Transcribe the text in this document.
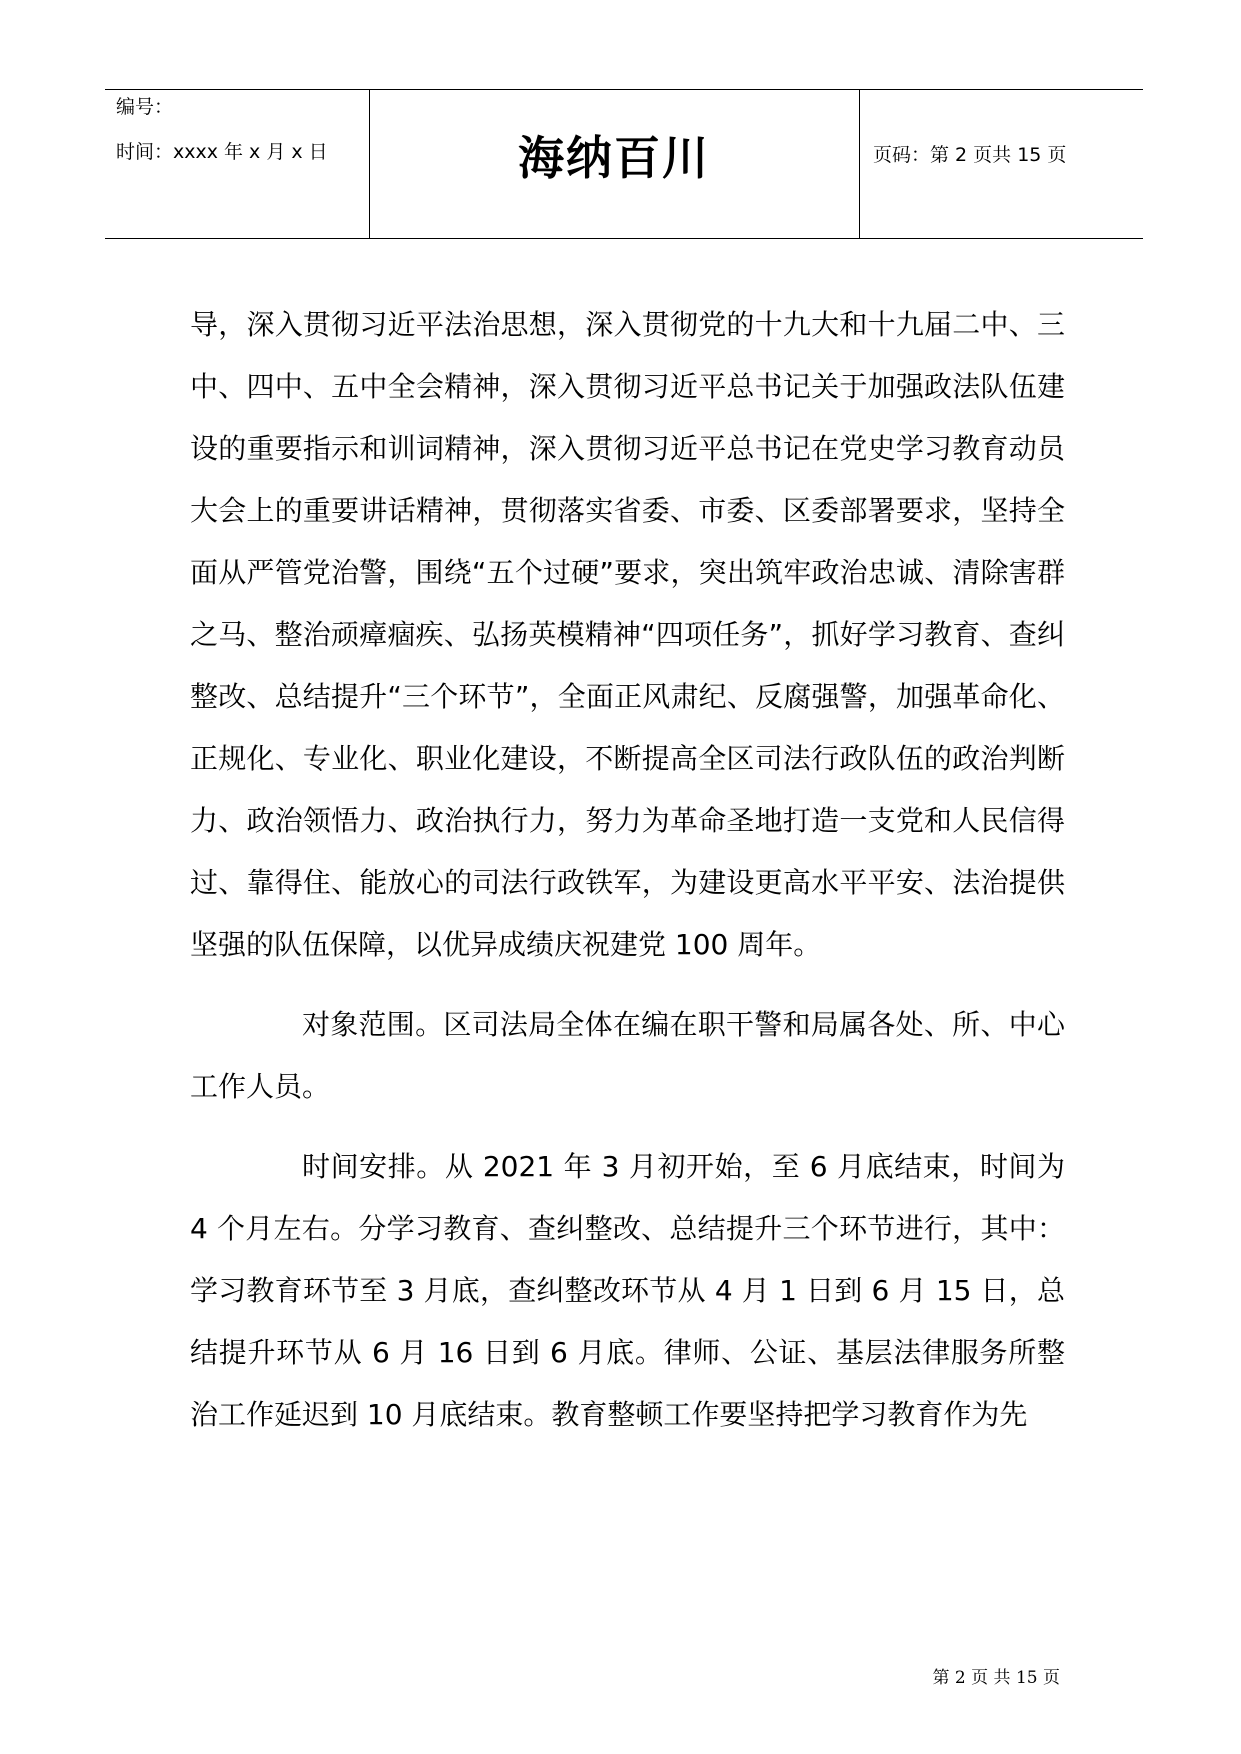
编号：
时间：xxxx 年 x 月 x 日	海纳百川	页码：第 2 页共 15 页

导，深入贯彻习近平法治思想，深入贯彻党的十九大和十九届二中、三中、四中、五中全会精神，深入贯彻习近平总书记关于加强政法队伍建设的重要指示和训词精神，深入贯彻习近平总书记在党史学习教育动员大会上的重要讲话精神，贯彻落实省委、市委、区委部署要求，坚持全面从严管党治警，围绕“五个过硬”要求，突出筑牢政治忠诚、清除害群之马、整治顽瘴痼疾、弘扬英模精神“四项任务”，抓好学习教育、查纠整改、总结提升“三个环节”，全面正风肃纪、反腐强警，加强革命化、正规化、专业化、职业化建设，不断提高全区司法行政队伍的政治判断力、政治领悟力、政治执行力，努力为革命圣地打造一支党和人民信得过、靠得住、能放心的司法行政铁军，为建设更高水平平安、法治提供坚强的队伍保障，以优异成绩庆祝建党 100 周年。

对象范围。区司法局全体在编在职干警和局属各处、所、中心工作人员。

时间安排。从 2021 年 3 月初开始，至 6 月底结束，时间为 4 个月左右。分学习教育、查纠整改、总结提升三个环节进行，其中：学习教育环节至 3 月底，查纠整改环节从 4 月 1 日到 6 月 15 日，总结提升环节从 6 月 16 日到 6 月底。律师、公证、基层法律服务所整治工作延迟到 10 月底结束。教育整顿工作要坚持把学习教育作为先

第 2 页 共 15 页
